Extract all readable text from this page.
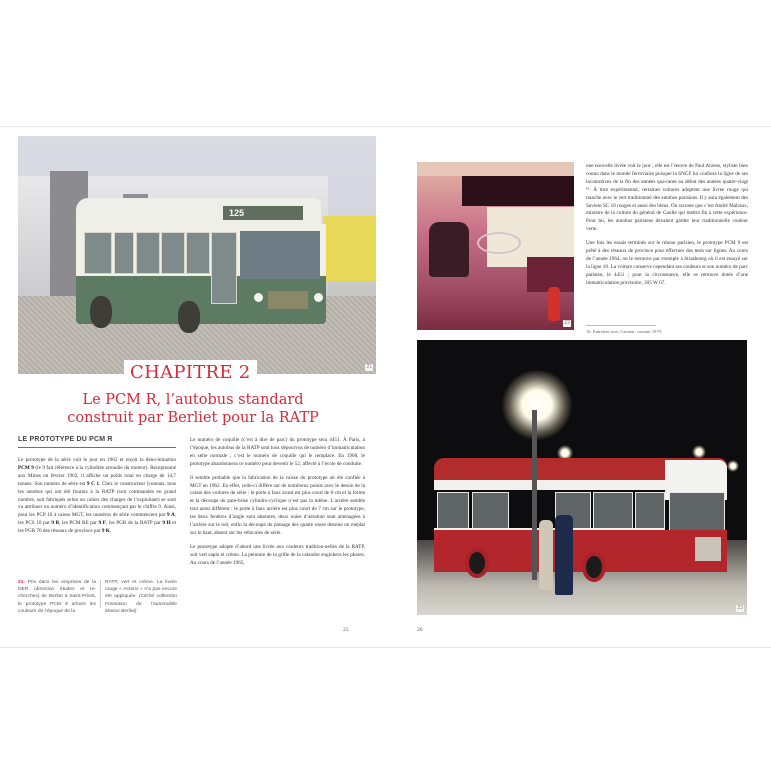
125
21
CHAPITRE 2
Le PCM R, l’autobus standard
construit par Berliet pour la RATP
LE PROTOTYPE DU PCM R

Le prototype de la série voit le jour en 1962 et reçoit la déno-mination PCM 9 (le 9 fait référence à la cylindrée arrondie du moteur). Réceptionné aux Mines en février 1962, il affiche un poids total en charge de 14,7 tonnes. Son numéro de série est 9 C 1. Chez le constructeur lyonnais, tous les autobus qui ont été fournis à la RATP (soit commandés en grand nombre, soit fabriqués selon un cahier des charges de l’exploitant) se sont vu attribuer un numéro d’identification commençant par le chiffre 9. Ainsi, pour les PCP 10 à caisse MGT, les numéros de série commencent par 9 A, les PCS 10 par 9 B, les PCM RE par 9 F, les PGR de la RATP par 9 H et les PGR 70 des réseaux de province par 9 K.

Le numéro de coquille (c’est à dire de parc) du prototype sera 4451. À Paris, à l’époque, les autobus de la RATP sont tous dépourvus de numéro d’immatriculation en série normale ; c’est le numéro de coquille qui le remplace. En 1968, le prototype abandonnera ce numéro pour devenir le 52, affecté à l’école de conduite.

Il semble probable que la fabrication de la caisse du prototype ait été confiée à MGT en 1962. En effet, celle-ci diffère sur de nombreux points avec le dessin de la caisse des voitures de série : le porte à faux avant est plus court de 8 cm et la forme et la découpe du pare-brise cylindro-cyclique n’est pas la même. L’arrière semble tout aussi différent : le porte à faux arrière est plus court de 7 cm sur le prototype, les deux fenêtres d’angle sont absentes, deux ouïes d’aération sont aménagées à l’arrière sur le toit, enfin la découpe du passage des quatre roues dessine un méplat sur le haut, absent sur les véhicules de série.

Le prototype adopte d’abord une livrée aux couleurs tradition-nelles de la RATP, soit vert sapin et crème. La peinture de la grille de la calandre englobera les phares. Au cours de l’année 1965,

21. Pris dans les emprises de la DER (direction études et re-cherches) de Berliet à Saint-Priest, le prototype PCM 9 arbore les couleurs de l’époque de la
RATP, vert et crème. La livrée rouge « Arzens » n’a pas encore été appliquée. (Cliché collection Fondation de l’automobile Marius Berliet)
25
22

une nouvelle livrée voit le jour ; elle est l’œuvre de Paul Arzens, styliste bien connu dans le monde ferroviaire puisque la SNCF lui confiera la ligne de ses locomotives de la fin des années qua-rante au début des années quatre-vingt ¹⁶. À titre expérimental, certaines voitures adoptent une livrée rouge qui tranche avec le vert traditionnel des autobus parisiens. Il y aura également des Saviem SC 10 rouges et aussi des bleus. On raconte que c’est André Malraux, ministre de la culture du général de Gaulle qui mettra fin à cette expérience. Pour lui, les autobus parisiens devaient garder leur traditionnelle couleur verte.

Une fois les essais terminés sur le réseau parisien, le prototype PCM 9 est prêté à des réseaux de province pour effectuer des tests sur lignes. Au cours de l’année 1964, on le retrouve par exemple à Strasbourg où il est essayé sur la ligne 10. La voiture conserve cependant ses couleurs et son numéro de parc parisien, le 4451 ; pour la circonstance, elle se retrouve dotée d’une immatriculation provisoire, 305 W 67.

16. Entretien avec l’auteur, courant 1979.
23
26
